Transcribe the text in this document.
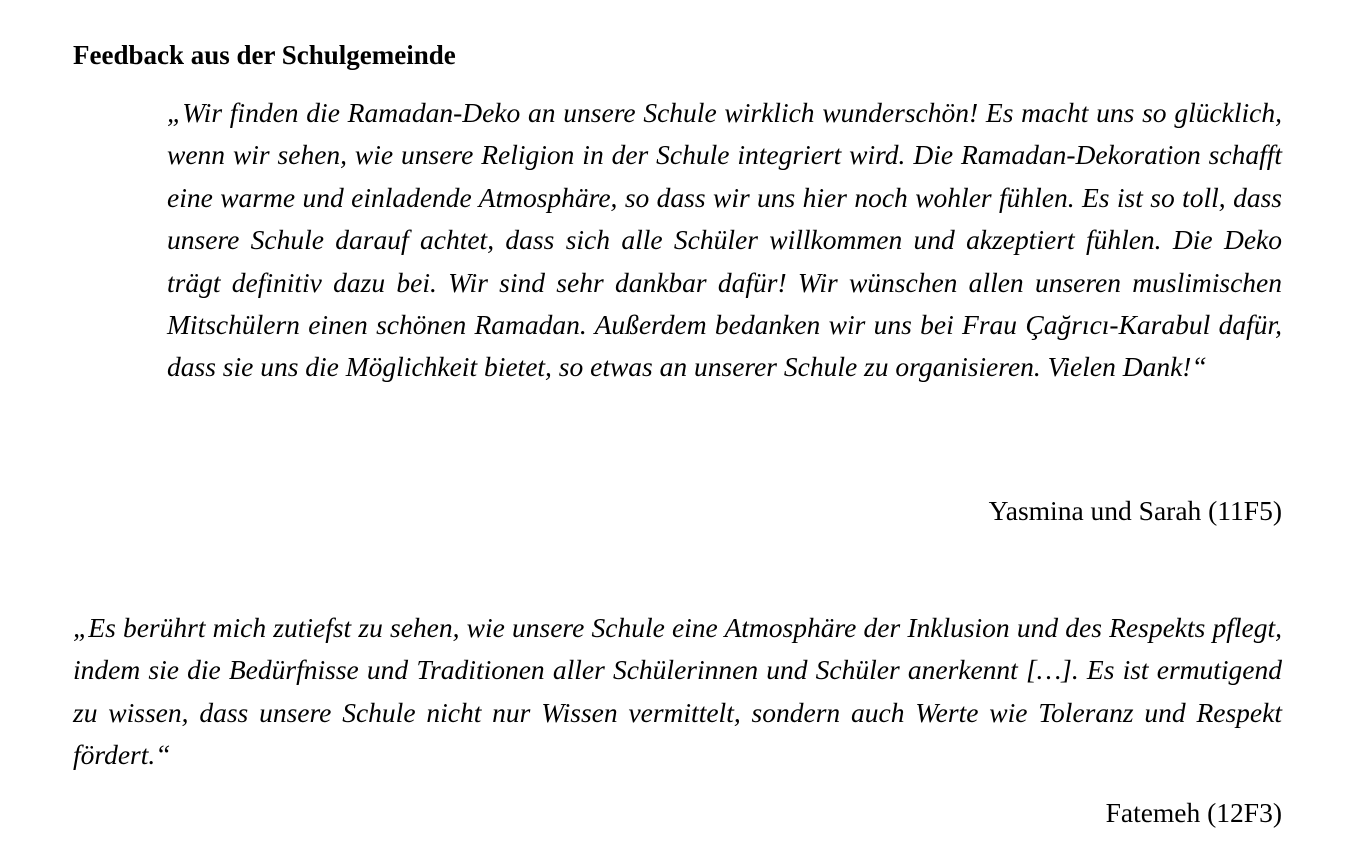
Feedback aus der Schulgemeinde

„Wir finden die Ramadan-Deko an unsere Schule wirklich wunderschön! Es macht uns so glücklich, wenn wir sehen, wie unsere Religion in der Schule integriert wird. Die Ramadan-Dekoration schafft eine warme und einladende Atmosphäre, so dass wir uns hier noch wohler fühlen. Es ist so toll, dass unsere Schule darauf achtet, dass sich alle Schüler willkommen und akzeptiert fühlen. Die Deko trägt definitiv dazu bei. Wir sind sehr dankbar dafür! Wir wünschen allen unseren muslimischen Mitschülern einen schönen Ramadan. Außerdem bedanken wir uns bei Frau Çağrıcı-Karabul dafür, dass sie uns die Möglichkeit bietet, so etwas an unserer Schule zu organisieren. Vielen Dank!“

Yasmina und Sarah (11F5)

„Es berührt mich zutiefst zu sehen, wie unsere Schule eine Atmosphäre der Inklusion und des Respekts pflegt, indem sie die Bedürfnisse und Traditionen aller Schülerinnen und Schüler anerkennt […]. Es ist ermutigend zu wissen, dass unsere Schule nicht nur Wissen vermittelt, sondern auch Werte wie Toleranz und Respekt fördert.“

Fatemeh (12F3)
